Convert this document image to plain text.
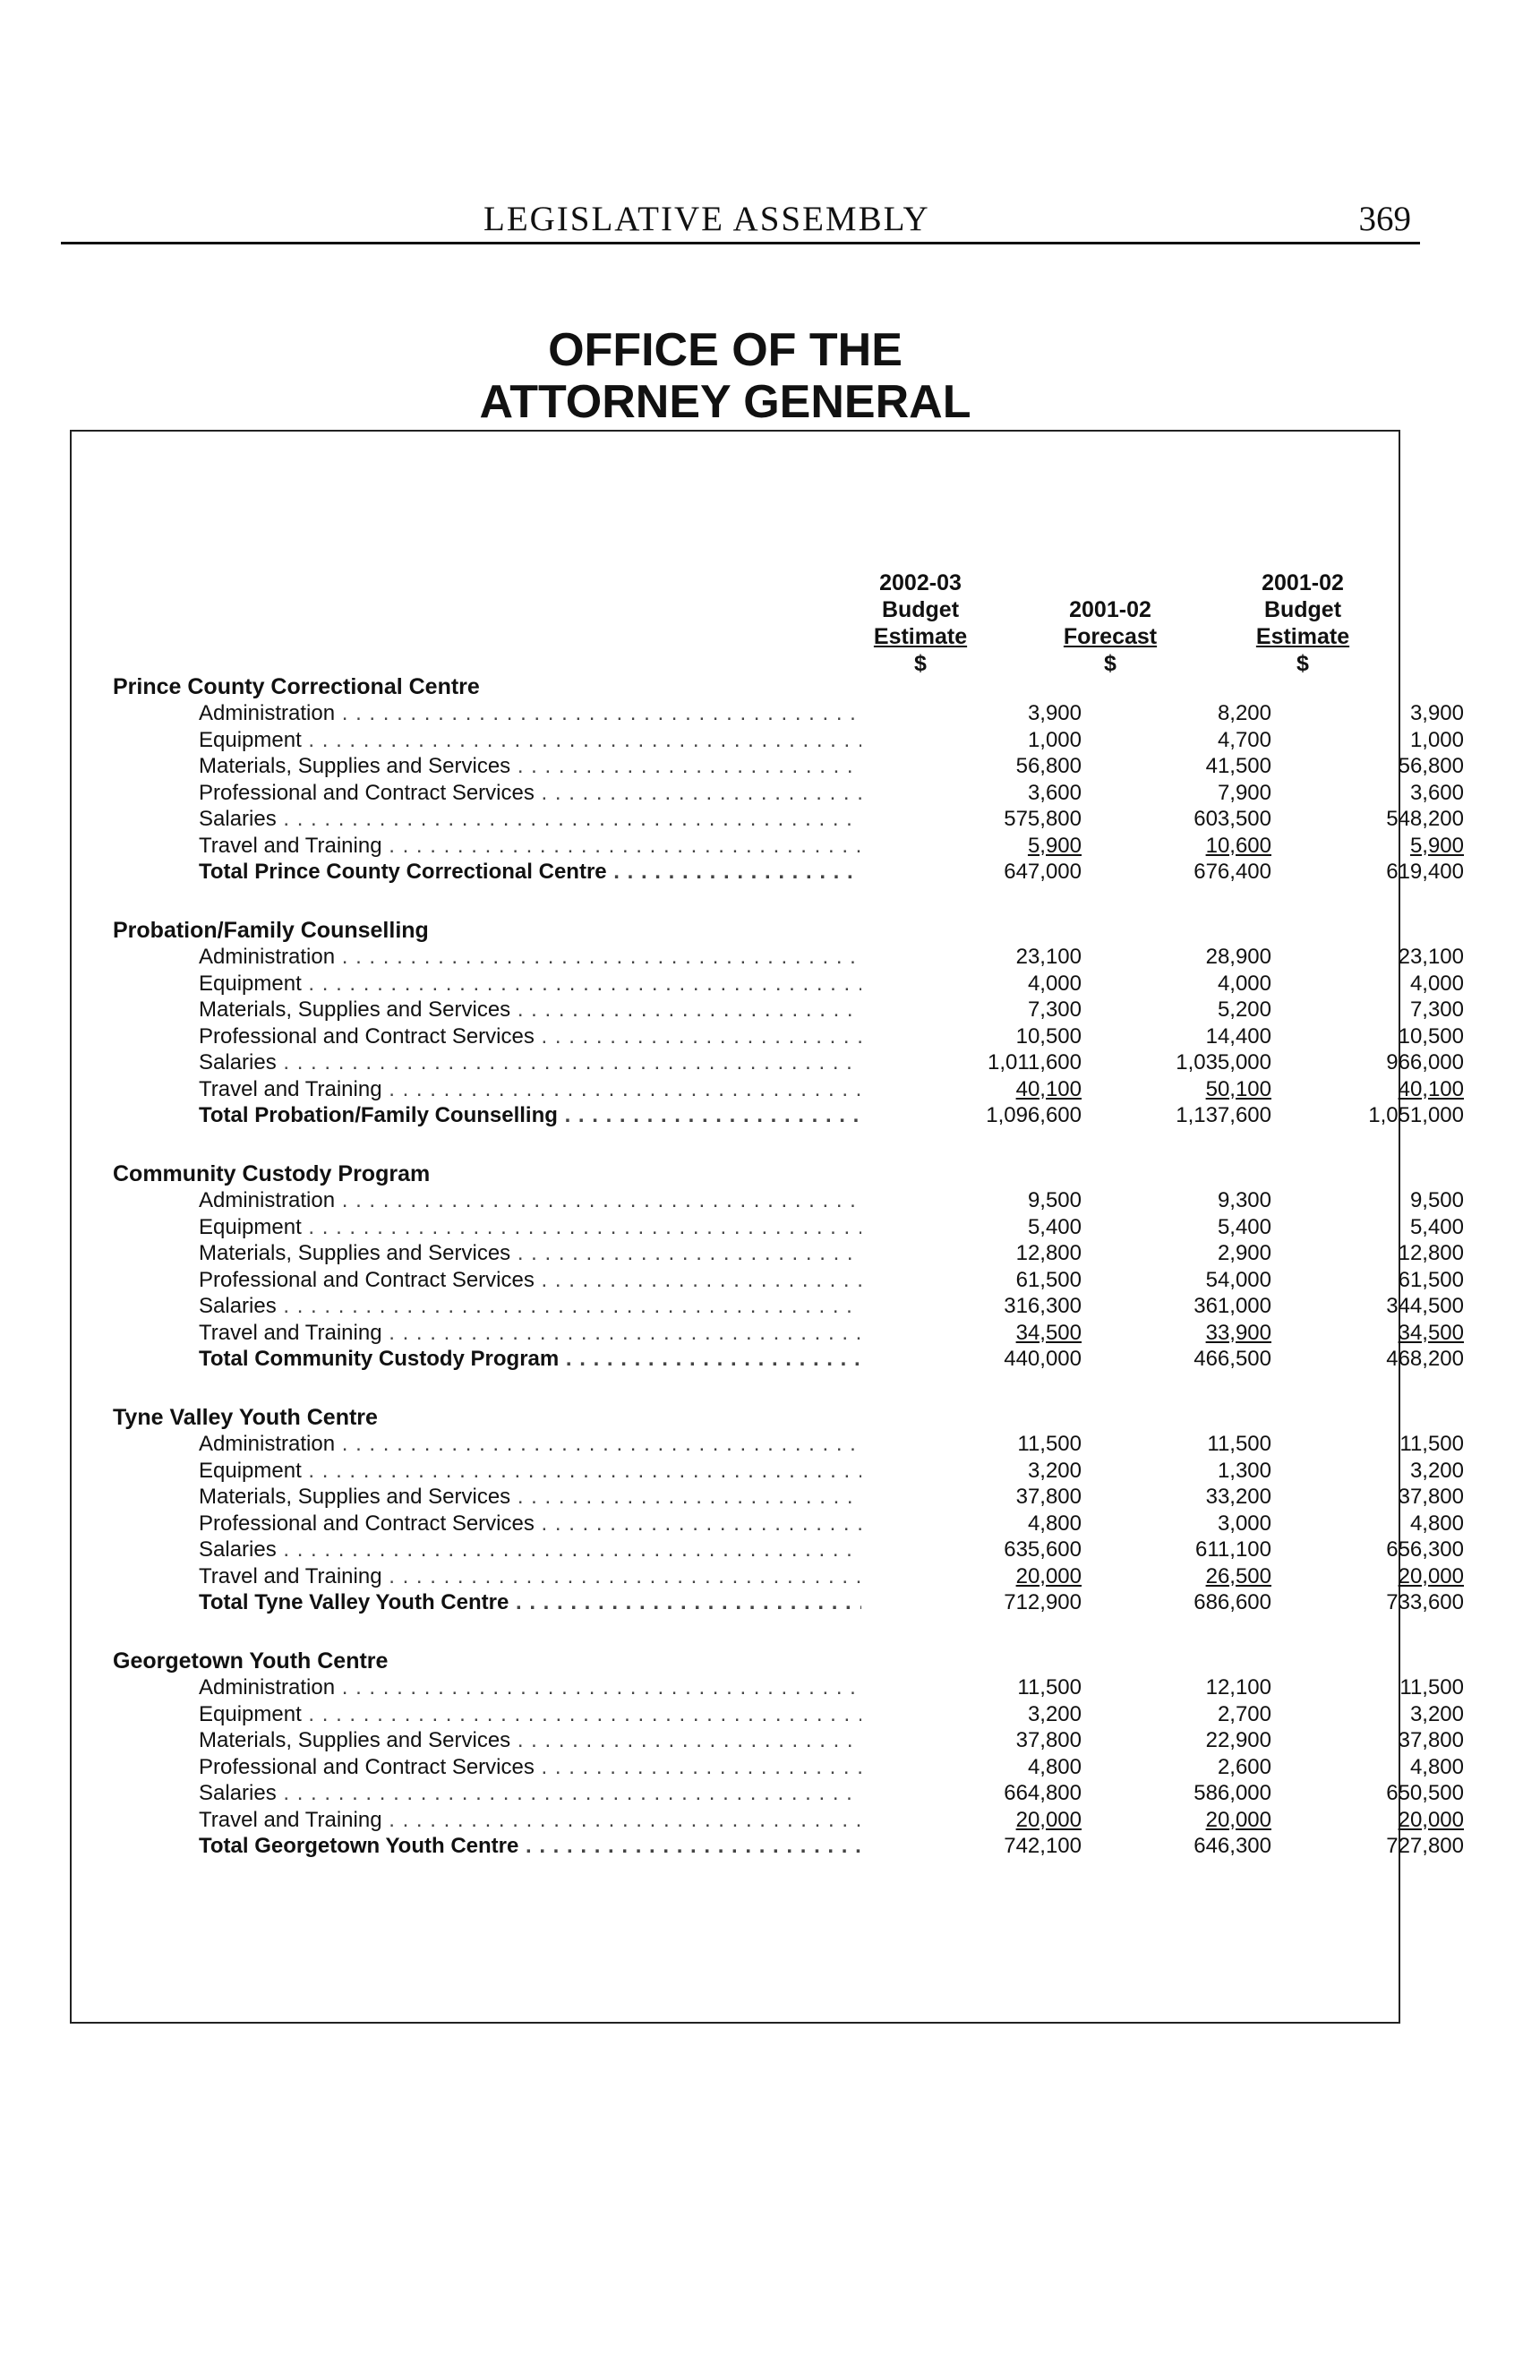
LEGISLATIVE ASSEMBLY	369
OFFICE OF THE
ATTORNEY GENERAL
2002-03
Budget
Estimate
$

2001-02
Forecast
$
2001-02
Budget
Estimate
$
Prince County Correctional Centre
Administration . . .	3,900	8,200	3,900
Equipment . . .	1,000	4,700	1,000
Materials, Supplies and Services . . .	56,800	41,500	56,800
Professional and Contract Services . . .	3,600	7,900	3,600
Salaries . . .	575,800	603,500	548,200
Travel and Training . . .	5,900	10,600	5,900
Total Prince County Correctional Centre . . .	647,000	676,400	619,400
Probation/Family Counselling
Administration . . .	23,100	28,900	23,100
Equipment . . .	4,000	4,000	4,000
Materials, Supplies and Services . . .	7,300	5,200	7,300
Professional and Contract Services . . .	10,500	14,400	10,500
Salaries . . .	1,011,600	1,035,000	966,000
Travel and Training . . .	40,100	50,100	40,100
Total Probation/Family Counselling . . .	1,096,600	1,137,600	1,051,000
Community Custody Program
Administration . . .	9,500	9,300	9,500
Equipment . . .	5,400	5,400	5,400
Materials, Supplies and Services . . .	12,800	2,900	12,800
Professional and Contract Services . . .	61,500	54,000	61,500
Salaries . . .	316,300	361,000	344,500
Travel and Training . . .	34,500	33,900	34,500
Total Community Custody Program . . .	440,000	466,500	468,200
Tyne Valley Youth Centre
Administration . . .	11,500	11,500	11,500
Equipment . . .	3,200	1,300	3,200
Materials, Supplies and Services . . .	37,800	33,200	37,800
Professional and Contract Services . . .	4,800	3,000	4,800
Salaries . . .	635,600	611,100	656,300
Travel and Training . . .	20,000	26,500	20,000
Total Tyne Valley Youth Centre . . .	712,900	686,600	733,600
Georgetown Youth Centre
Administration . . .	11,500	12,100	11,500
Equipment . . .	3,200	2,700	3,200
Materials, Supplies and Services . . .	37,800	22,900	37,800
Professional and Contract Services . . .	4,800	2,600	4,800
Salaries . . .	664,800	586,000	650,500
Travel and Training . . .	20,000	20,000	20,000
Total Georgetown Youth Centre . . .	742,100	646,300	727,800
